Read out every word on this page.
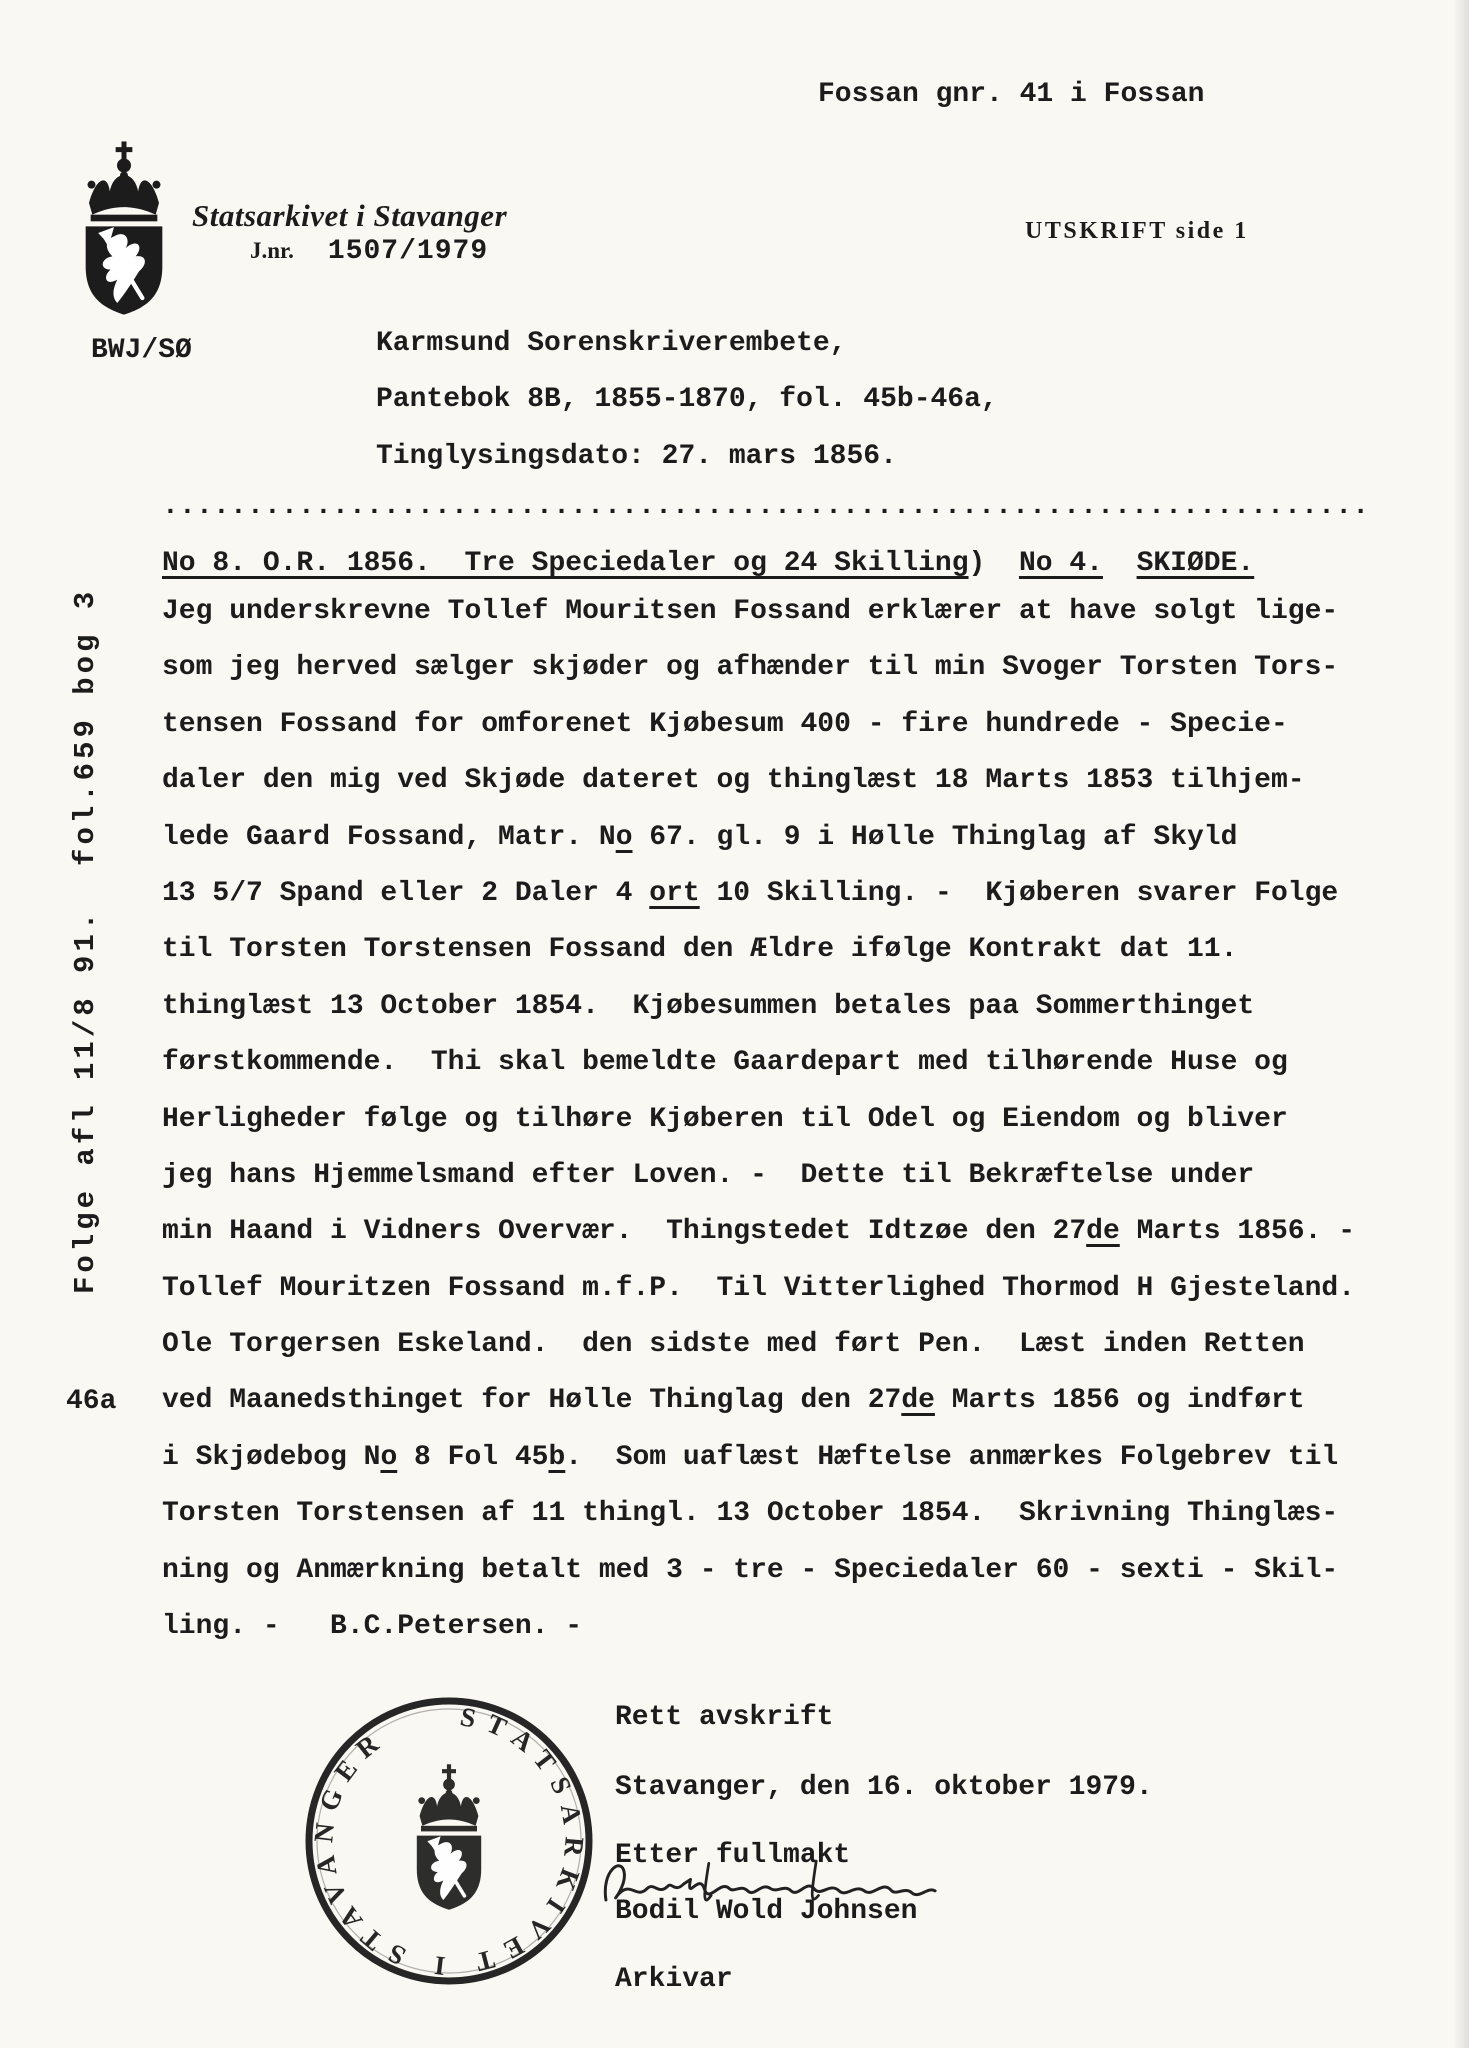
Fossan gnr. 41 i Fossan
Statsarkivet i Stavanger
J.nr. 1507/1979
UTSKRIFT side 1
BWJ/SØ	Karmsund Sorenskriverembete,
Pantebok 8B, 1855-1870, fol. 45b-46a,
Tinglysingsdato: 27. mars 1856.
.......................................................................
No 8. O.R. 1856.  Tre Speciedaler og 24 Skilling)  No 4. SKIØDE.
Jeg underskrevne Tollef Mouritsen Fossand erklærer at have solgt lige-
som jeg herved sælger skjøder og afhænder til min Svoger Torsten Tors-
tensen Fossand for omforenet Kjøbesum 400 - fire hundrede - Specie-
daler den mig ved Skjøde dateret og thinglæst 18 Marts 1853 tilhjem-
lede Gaard Fossand, Matr. No 67. gl. 9 i Hølle Thinglag af Skyld
13 5/7 Spand eller 2 Daler 4 ort 10 Skilling. -  Kjøberen svarer Folge
til Torsten Torstensen Fossand den Ældre ifølge Kontrakt dat 11.
thinglæst 13 October 1854.  Kjøbesummen betales paa Sommerthinget
førstkommende.  Thi skal bemeldte Gaardepart med tilhørende Huse og
Herligheder følge og tilhøre Kjøberen til Odel og Eiendom og bliver
jeg hans Hjemmelsmand efter Loven. -  Dette til Bekræftelse under
min Haand i Vidners Overvær.  Thingstedet Idtzøe den 27de Marts 1856. -
Tollef Mouritzen Fossand m.f.P.  Til Vitterlighed Thormod H Gjesteland.
Ole Torgersen Eskeland.  den sidste med ført Pen.  Læst inden Retten
ved Maanedsthinget for Hølle Thinglag den 27de Marts 1856 og indført
i Skjødebog No 8 Fol 45b.  Som uaflæst Hæftelse anmærkes Folgebrev til
Torsten Torstensen af 11 thingl. 13 October 1854.  Skrivning Thinglæs-
ning og Anmærkning betalt med 3 - tre - Speciedaler 60 - sexti - Skil-
ling. -   B.C.Petersen. -
Folge afl 11/8 91.  fol.659 bog 3
46a
STATSARKIVET I STAVANGER
Rett avskrift
Stavanger, den 16. oktober 1979.
Etter fullmakt
Bodil Wold Johnsen
Arkivar
